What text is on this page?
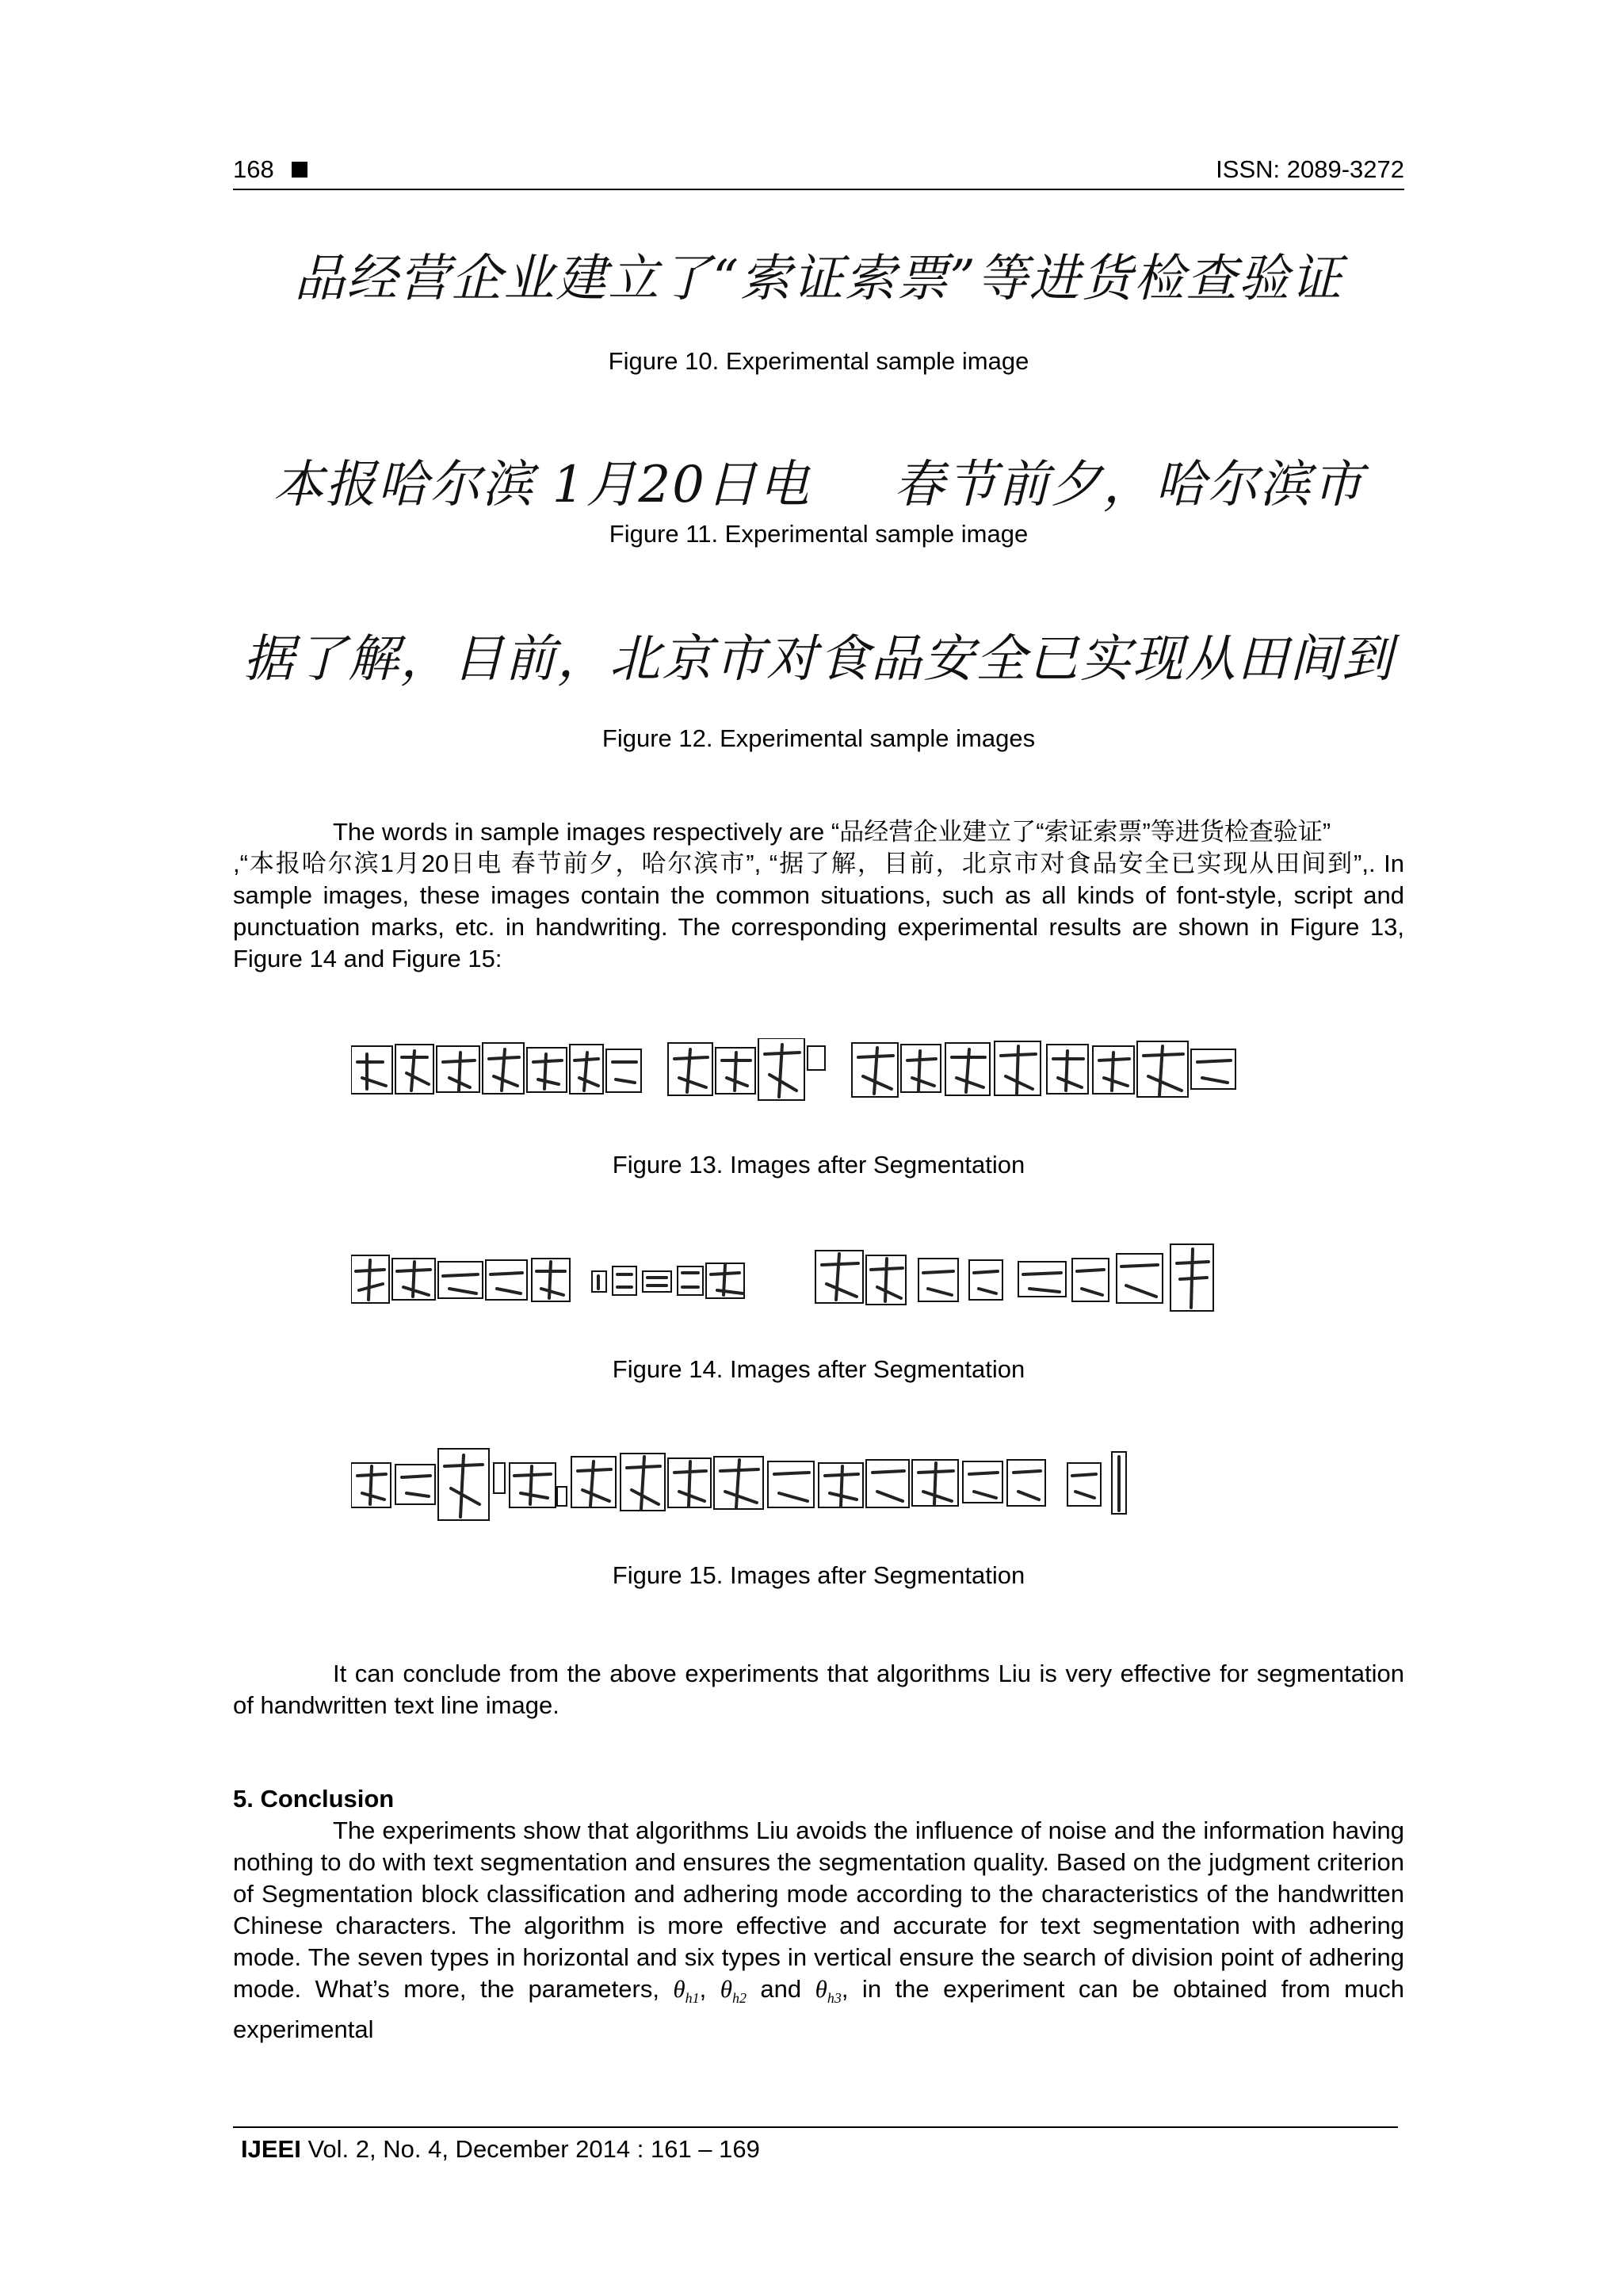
168	ISSN: 2089-3272
品经营企业建立了“索证索票”等进货检查验证
Figure 10. Experimental sample image
本报哈尔滨 1月20日电 春节前夕，哈尔滨市
Figure 11. Experimental sample image
据了解，目前，北京市对食品安全已实现从田间到
Figure 12. Experimental sample images
The words in sample images respectively are “品经营企业建立了“索证索票”等进货检查验证”
,“本报哈尔滨1月20日电 春节前夕，哈尔滨市”, “据了解，目前，北京市对食品安全已实现从田间到”,. In sample images, these images contain the common situations, such as all kinds of font-style, script and punctuation marks, etc. in handwriting. The corresponding experimental results are shown in Figure 13, Figure 14 and Figure 15:
Figure 13. Images after Segmentation
Figure 14. Images after Segmentation
Figure 15. Images after Segmentation
It can conclude from the above experiments that algorithms Liu is very effective for segmentation of handwritten text line image.
5. Conclusion
The experiments show that algorithms Liu avoids the influence of noise and the information having nothing to do with text segmentation and ensures the segmentation quality. Based on the judgment criterion of Segmentation block classification and adhering mode according to the characteristics of the handwritten Chinese characters. The algorithm is more effective and accurate for text segmentation with adhering mode. The seven types in horizontal and six types in vertical ensure the search of division point of adhering mode. What’s more, the parameters, $\theta_{h1}$, $\theta_{h2}$ and $\theta_{h3}$, in the experiment can be obtained from much experimental
IJEEI Vol. 2, No. 4, December 2014 : 161 – 169
